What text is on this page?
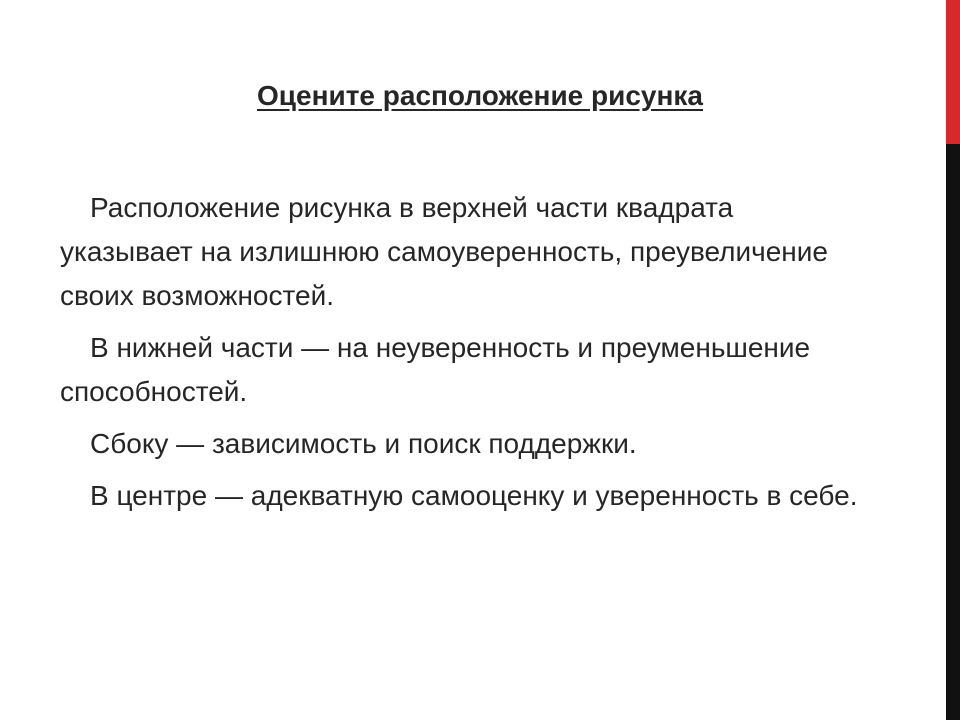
Оцените расположение рисунка

Расположение рисунка в верхней части квадрата указывает на излишнюю самоуверенность, преувеличение своих возможностей.

В нижней части — на неуверенность и преуменьшение способностей.

Сбоку — зависимость и поиск поддержки.

В центре — адекватную самооценку и уверенность в себе.
